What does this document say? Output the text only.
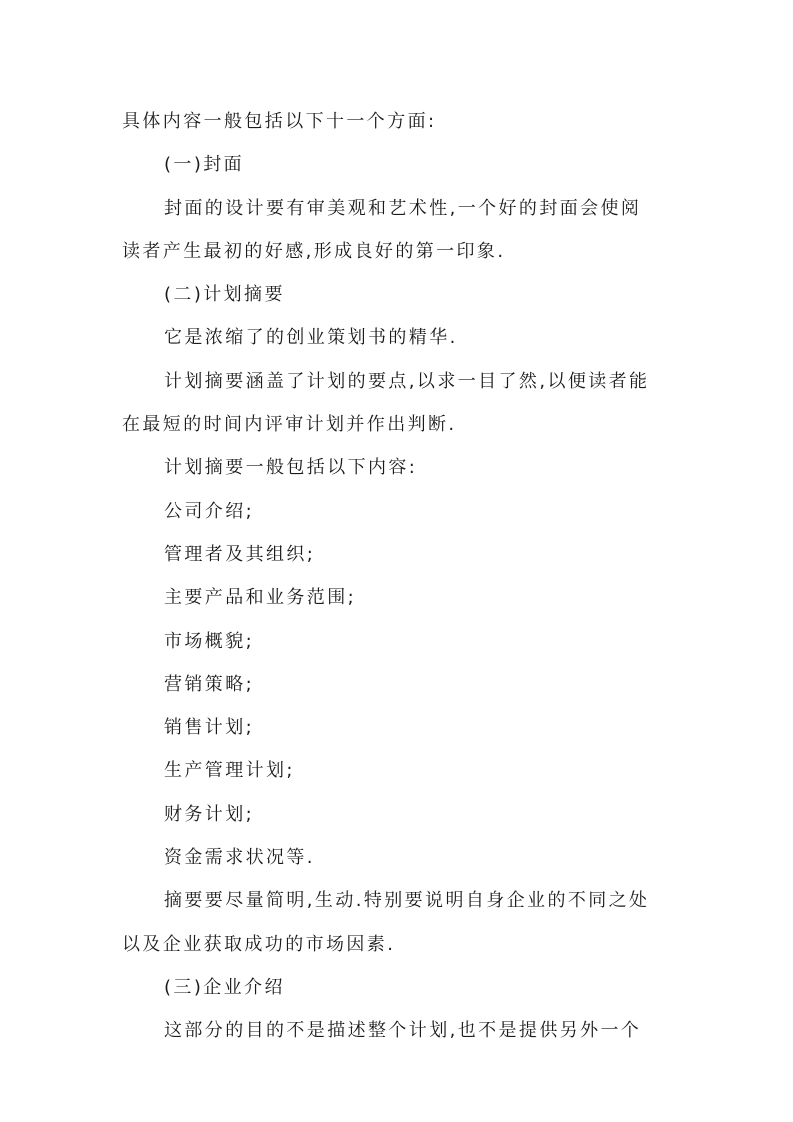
具体内容一般包括以下十一个方面:
(一)封面
封面的设计要有审美观和艺术性,一个好的封面会使阅
读者产生最初的好感,形成良好的第一印象.
(二)计划摘要
它是浓缩了的创业策划书的精华.
计划摘要涵盖了计划的要点,以求一目了然,以便读者能
在最短的时间内评审计划并作出判断.
计划摘要一般包括以下内容:
公司介绍;
管理者及其组织;
主要产品和业务范围;
市场概貌;
营销策略;
销售计划;
生产管理计划;
财务计划;
资金需求状况等.
摘要要尽量简明,生动.特别要说明自身企业的不同之处
以及企业获取成功的市场因素.
(三)企业介绍
这部分的目的不是描述整个计划,也不是提供另外一个
